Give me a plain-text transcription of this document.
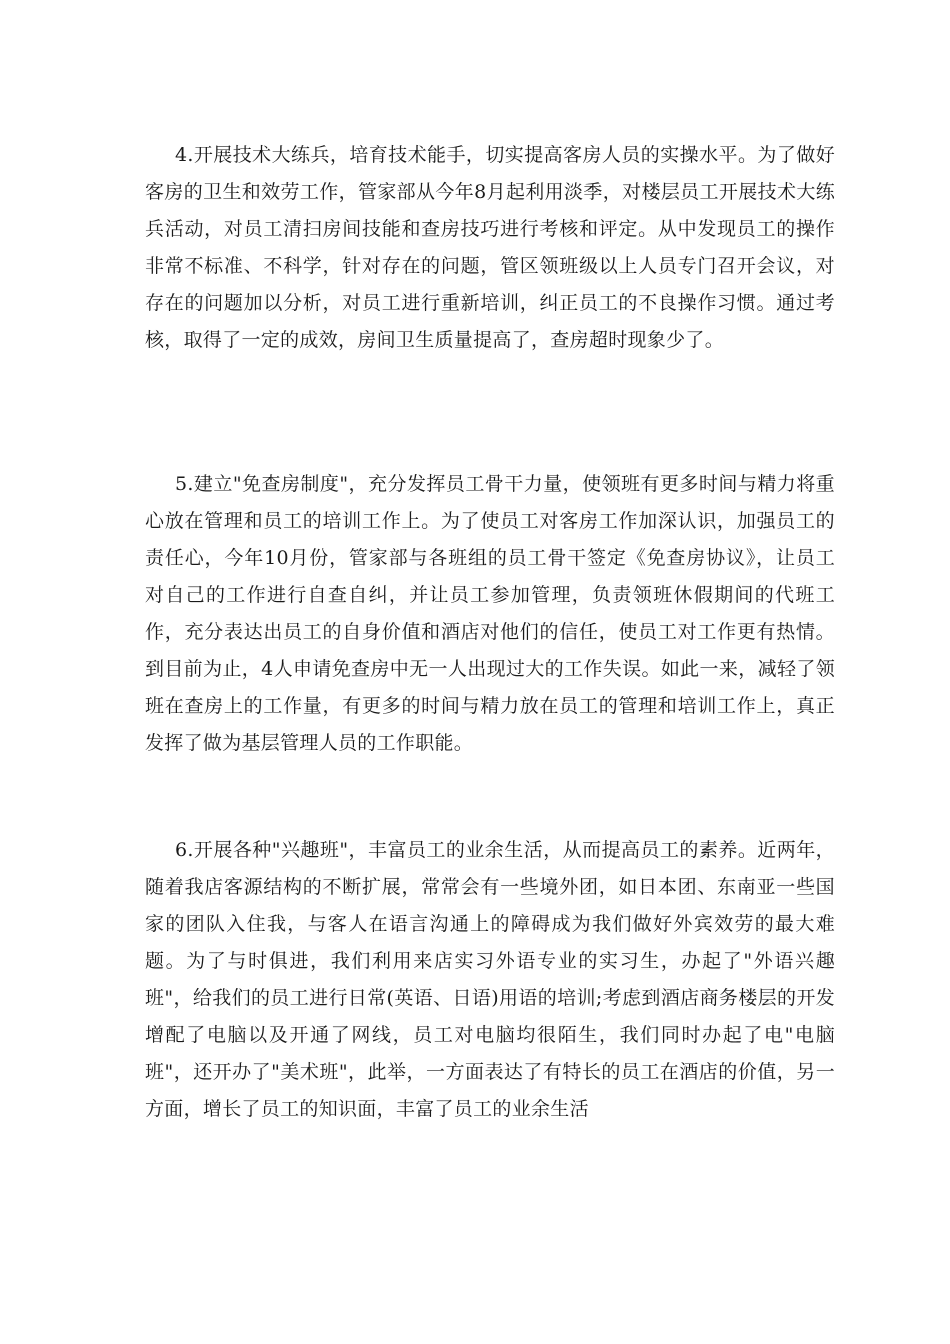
4.开展技术大练兵，培育技术能手，切实提高客房人员的实操水平。为了做好客房的卫生和效劳工作，管家部从今年8月起利用淡季，对楼层员工开展技术大练兵活动，对员工清扫房间技能和查房技巧进行考核和评定。从中发现员工的操作非常不标准、不科学，针对存在的问题，管区领班级以上人员专门召开会议，对存在的问题加以分析，对员工进行重新培训，纠正员工的不良操作习惯。通过考核，取得了一定的成效，房间卫生质量提高了，查房超时现象少了。

5.建立"免查房制度"，充分发挥员工骨干力量，使领班有更多时间与精力将重心放在管理和员工的培训工作上。为了使员工对客房工作加深认识，加强员工的责任心，今年10月份，管家部与各班组的员工骨干签定《免查房协议》，让员工对自己的工作进行自查自纠，并让员工参加管理，负责领班休假期间的代班工作，充分表达出员工的自身价值和酒店对他们的信任，使员工对工作更有热情。到目前为止，4人申请免查房中无一人出现过大的工作失误。如此一来，减轻了领班在查房上的工作量，有更多的时间与精力放在员工的管理和培训工作上，真正发挥了做为基层管理人员的工作职能。

6.开展各种"兴趣班"，丰富员工的业余生活，从而提高员工的素养。近两年，随着我店客源结构的不断扩展，常常会有一些境外团，如日本团、东南亚一些国家的团队入住我，与客人在语言沟通上的障碍成为我们做好外宾效劳的最大难题。为了与时俱进，我们利用来店实习外语专业的实习生，办起了"外语兴趣班"，给我们的员工进行日常(英语、日语)用语的培训;考虑到酒店商务楼层的开发增配了电脑以及开通了网线，员工对电脑均很陌生，我们同时办起了电"电脑班"，还开办了"美术班"，此举，一方面表达了有特长的员工在酒店的价值，另一方面，增长了员工的知识面，丰富了员工的业余生活
